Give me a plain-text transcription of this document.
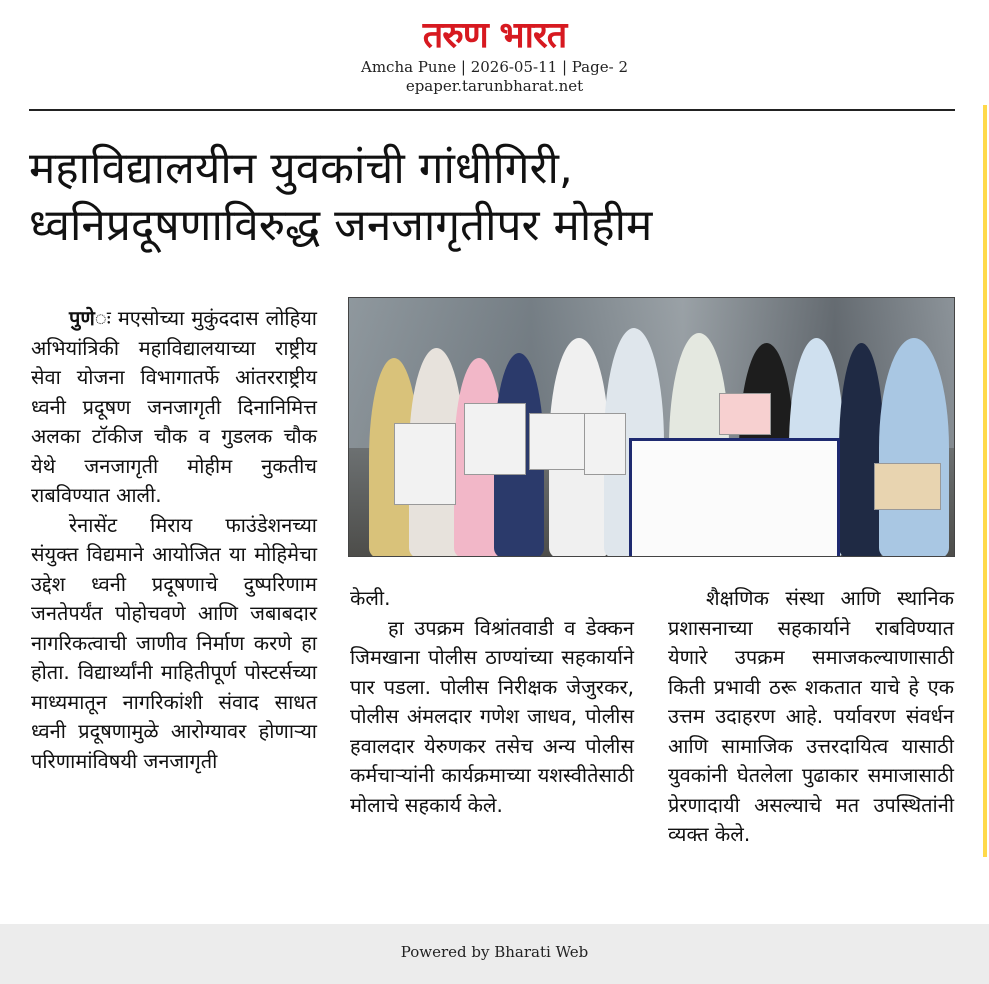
तरुण भारत
Amcha Pune | 2026-05-11 | Page- 2
epaper.tarunbharat.net
महाविद्यालयीन युवकांची गांधीगिरी,
ध्वनिप्रदूषणाविरुद्ध जनजागृतीपर मोहीम

पुणेः मएसोच्या मुकुंददास लोहिया अभियांत्रिकी महाविद्यालयाच्या राष्ट्रीय सेवा योजना विभागातर्फे आंतरराष्ट्रीय ध्वनी प्रदूषण जनजागृती दिनानिमित्त अलका टॉकीज चौक व गुडलक चौक येथे जनजागृती मोहीम नुकतीच राबविण्यात आली.

रेनासेंट मिराय फाउंडेशनच्या संयुक्त विद्यमाने आयोजित या मोहिमेचा उद्देश ध्वनी प्रदूषणाचे दुष्परिणाम जनतेपर्यंत पोहोचवणे आणि जबाबदार नागरिकत्वाची जाणीव निर्माण करणे हा होता. विद्यार्थ्यांनी माहितीपूर्ण पोस्टर्सच्या माध्यमातून नागरिकांशी संवाद साधत ध्वनी प्रदूषणामुळे आरोग्यावर होणाऱ्या परिणामांविषयी जनजागृती

केली.

हा उपक्रम विश्रांतवाडी व डेक्कन जिमखाना पोलीस ठाण्यांच्या सहकार्याने पार पडला. पोलीस निरीक्षक जेजुरकर, पोलीस अंमलदार गणेश जाधव, पोलीस हवालदार येरुणकर तसेच अन्य पोलीस कर्मचाऱ्यांनी कार्यक्रमाच्या यशस्वीतेसाठी मोलाचे सहकार्य केले.

शैक्षणिक संस्था आणि स्थानिक प्रशासनाच्या सहकार्याने राबविण्यात येणारे उपक्रम समाजकल्याणासाठी किती प्रभावी ठरू शकतात याचे हे एक उत्तम उदाहरण आहे. पर्यावरण संवर्धन आणि सामाजिक उत्तरदायित्व यासाठी युवकांनी घेतलेला पुढाकार समाजासाठी प्रेरणादायी असल्याचे मत उपस्थितांनी व्यक्त केले.

Powered by Bharati Web
